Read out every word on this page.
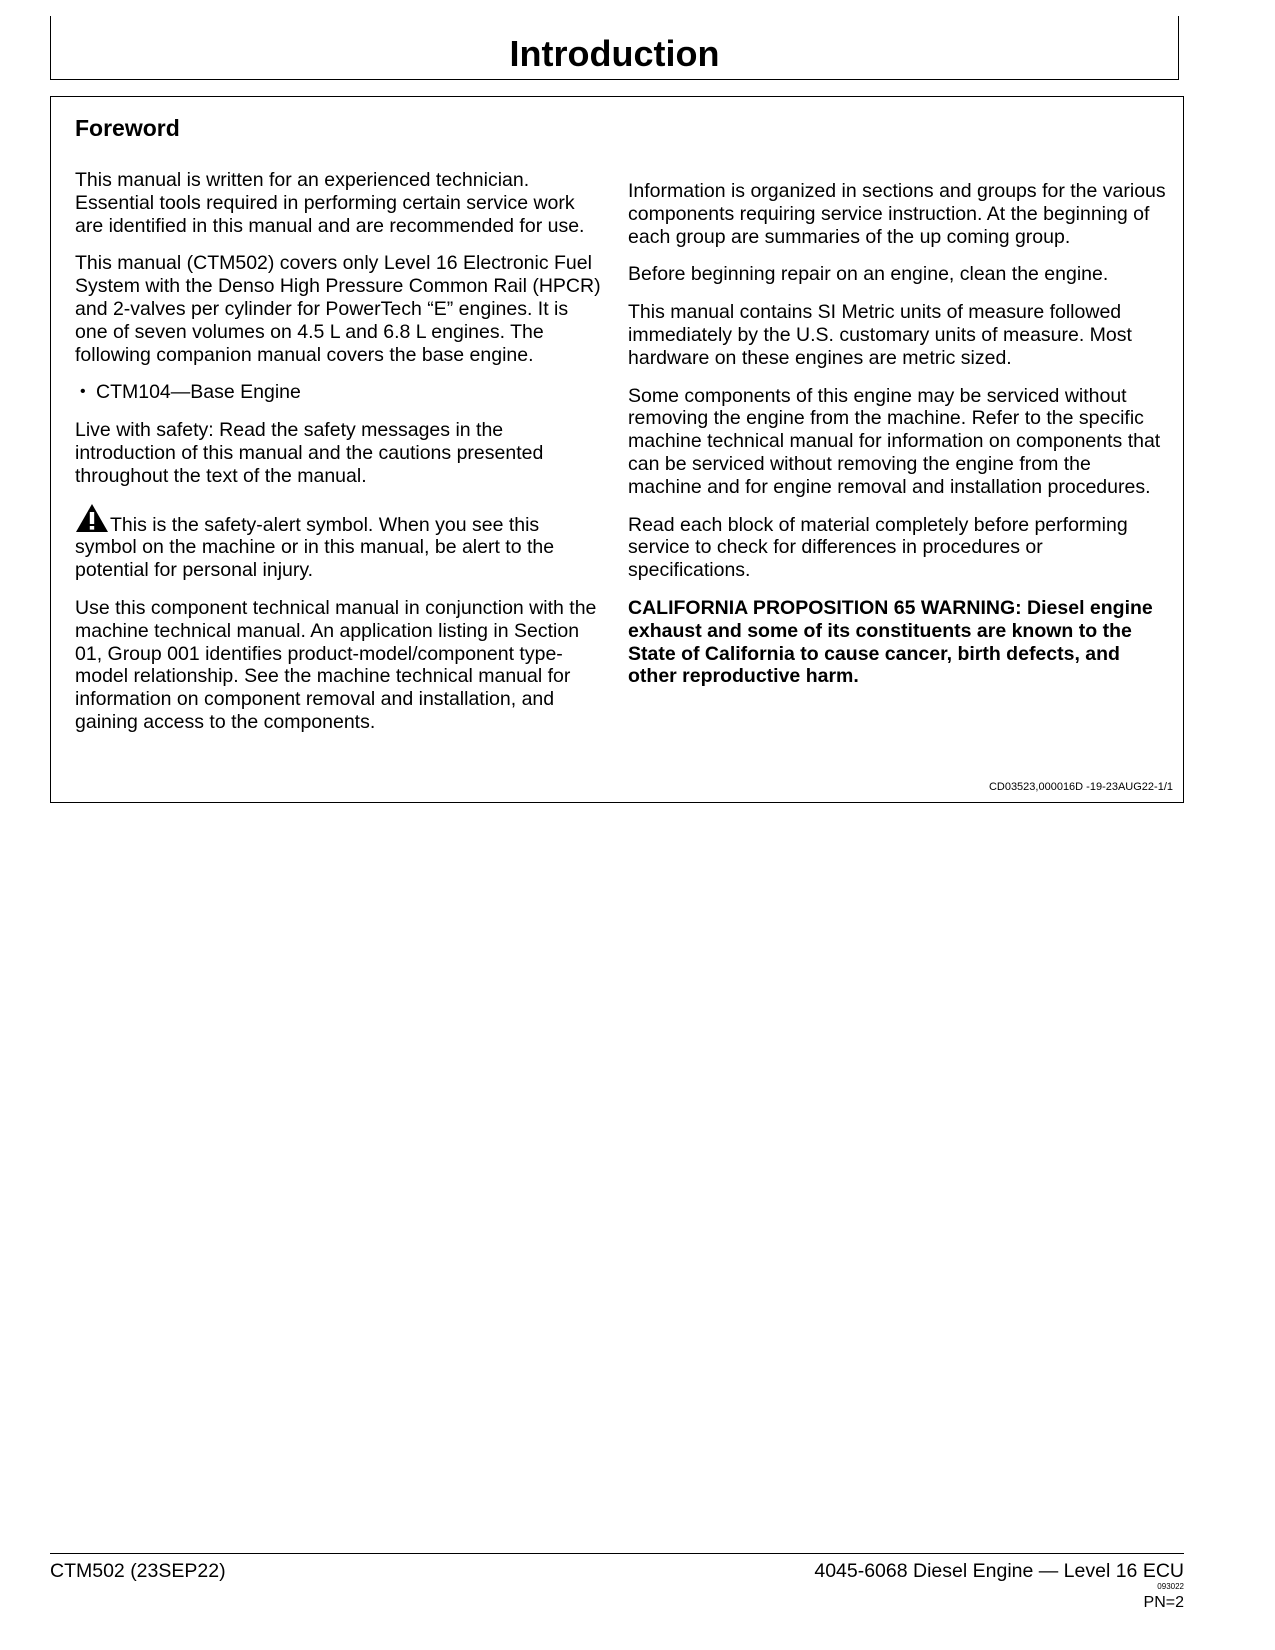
Introduction
Foreword

This manual is written for an experienced technician. Essential tools required in performing certain service work are identified in this manual and are recommended for use.

This manual (CTM502) covers only Level 16 Electronic Fuel System with the Denso High Pressure Common Rail (HPCR) and 2-valves per cylinder for PowerTech “E” engines. It is one of seven volumes on 4.5 L and 6.8 L engines. The following companion manual covers the base engine.

• CTM104—Base Engine

Live with safety: Read the safety messages in the introduction of this manual and the cautions presented throughout the text of the manual.

This is the safety-alert symbol. When you see this symbol on the machine or in this manual, be alert to the potential for personal injury.

Use this component technical manual in conjunction with the machine technical manual. An application listing in Section 01, Group 001 identifies product-model/component type-model relationship. See the machine technical manual for information on component removal and installation, and gaining access to the components.

Information is organized in sections and groups for the various components requiring service instruction. At the beginning of each group are summaries of the up coming group.

Before beginning repair on an engine, clean the engine.

This manual contains SI Metric units of measure followed immediately by the U.S. customary units of measure. Most hardware on these engines are metric sized.

Some components of this engine may be serviced without removing the engine from the machine. Refer to the specific machine technical manual for information on components that can be serviced without removing the engine from the machine and for engine removal and installation procedures.

Read each block of material completely before performing service to check for differences in procedures or specifications.

CALIFORNIA PROPOSITION 65 WARNING: Diesel engine exhaust and some of its constituents are known to the State of California to cause cancer, birth defects, and other reproductive harm.

CD03523,000016D -19-23AUG22-1/1
CTM502 (23SEP22)	4045-6068 Diesel Engine — Level 16 ECU
093022
PN=2
